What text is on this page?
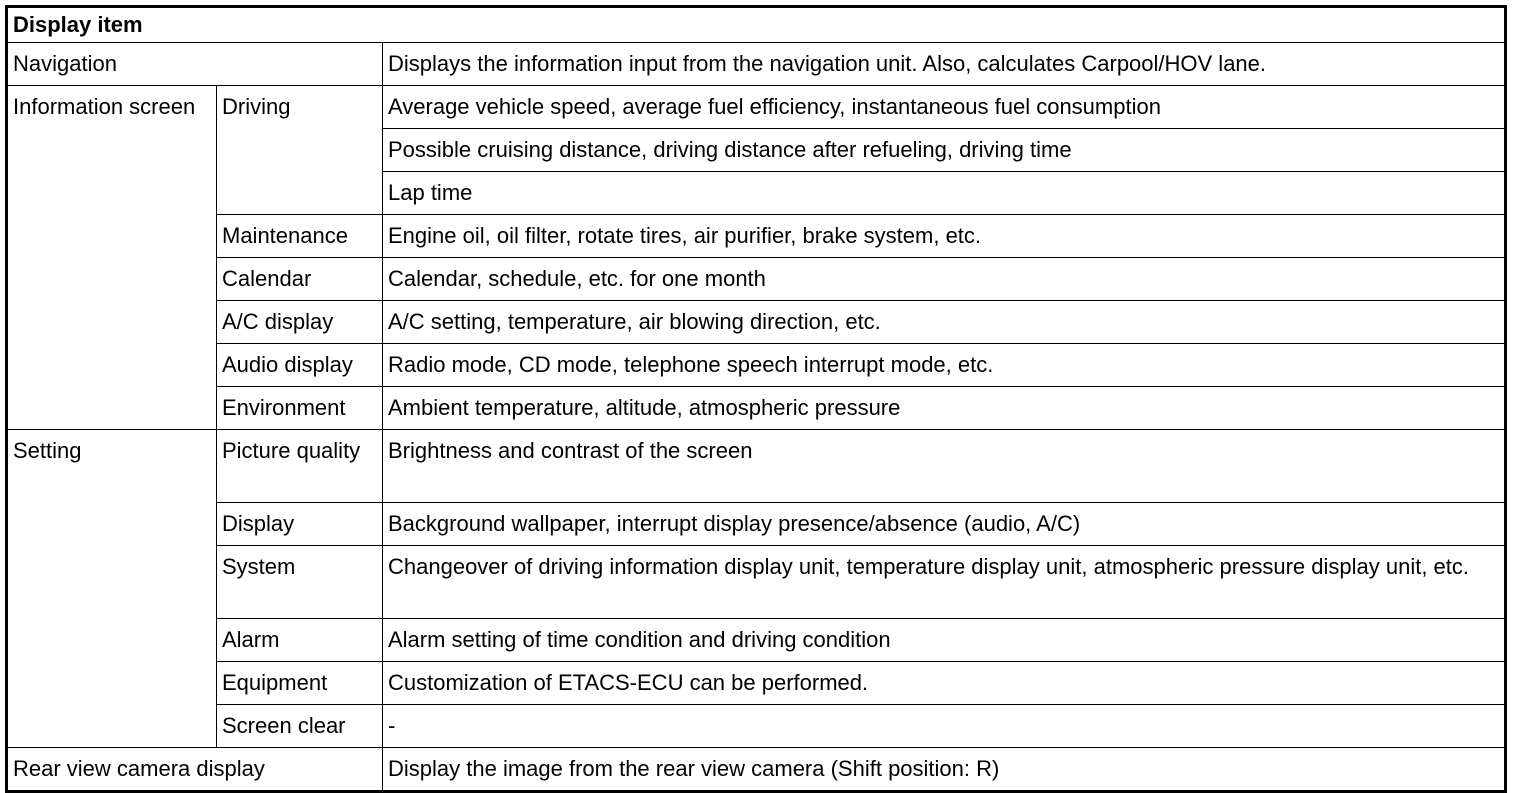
Display item		

Navigation		Displays the information input from the navigation unit. Also, calculates Carpool/HOV lane.

Information screen	Driving	Average vehicle speed, average fuel efficiency, instantaneous fuel consumption

		Possible cruising distance, driving distance after refueling, driving time

		Lap time

	Maintenance	Engine oil, oil filter, rotate tires, air purifier, brake system, etc.

	Calendar	Calendar, schedule, etc. for one month

	A/C display	A/C setting, temperature, air blowing direction, etc.

	Audio display	Radio mode, CD mode, telephone speech interrupt mode, etc.

	Environment	Ambient temperature, altitude, atmospheric pressure

Setting	Picture quality	Brightness and contrast of the screen

	Display	Background wallpaper, interrupt display presence/absence (audio, A/C)

	System	Changeover of driving information display unit, temperature display unit, atmospheric pressure display unit, etc.

	Alarm	Alarm setting of time condition and driving condition

	Equipment	Customization of ETACS-ECU can be performed.

	Screen clear	-

Rear view camera display		Display the image from the rear view camera (Shift position: R)
